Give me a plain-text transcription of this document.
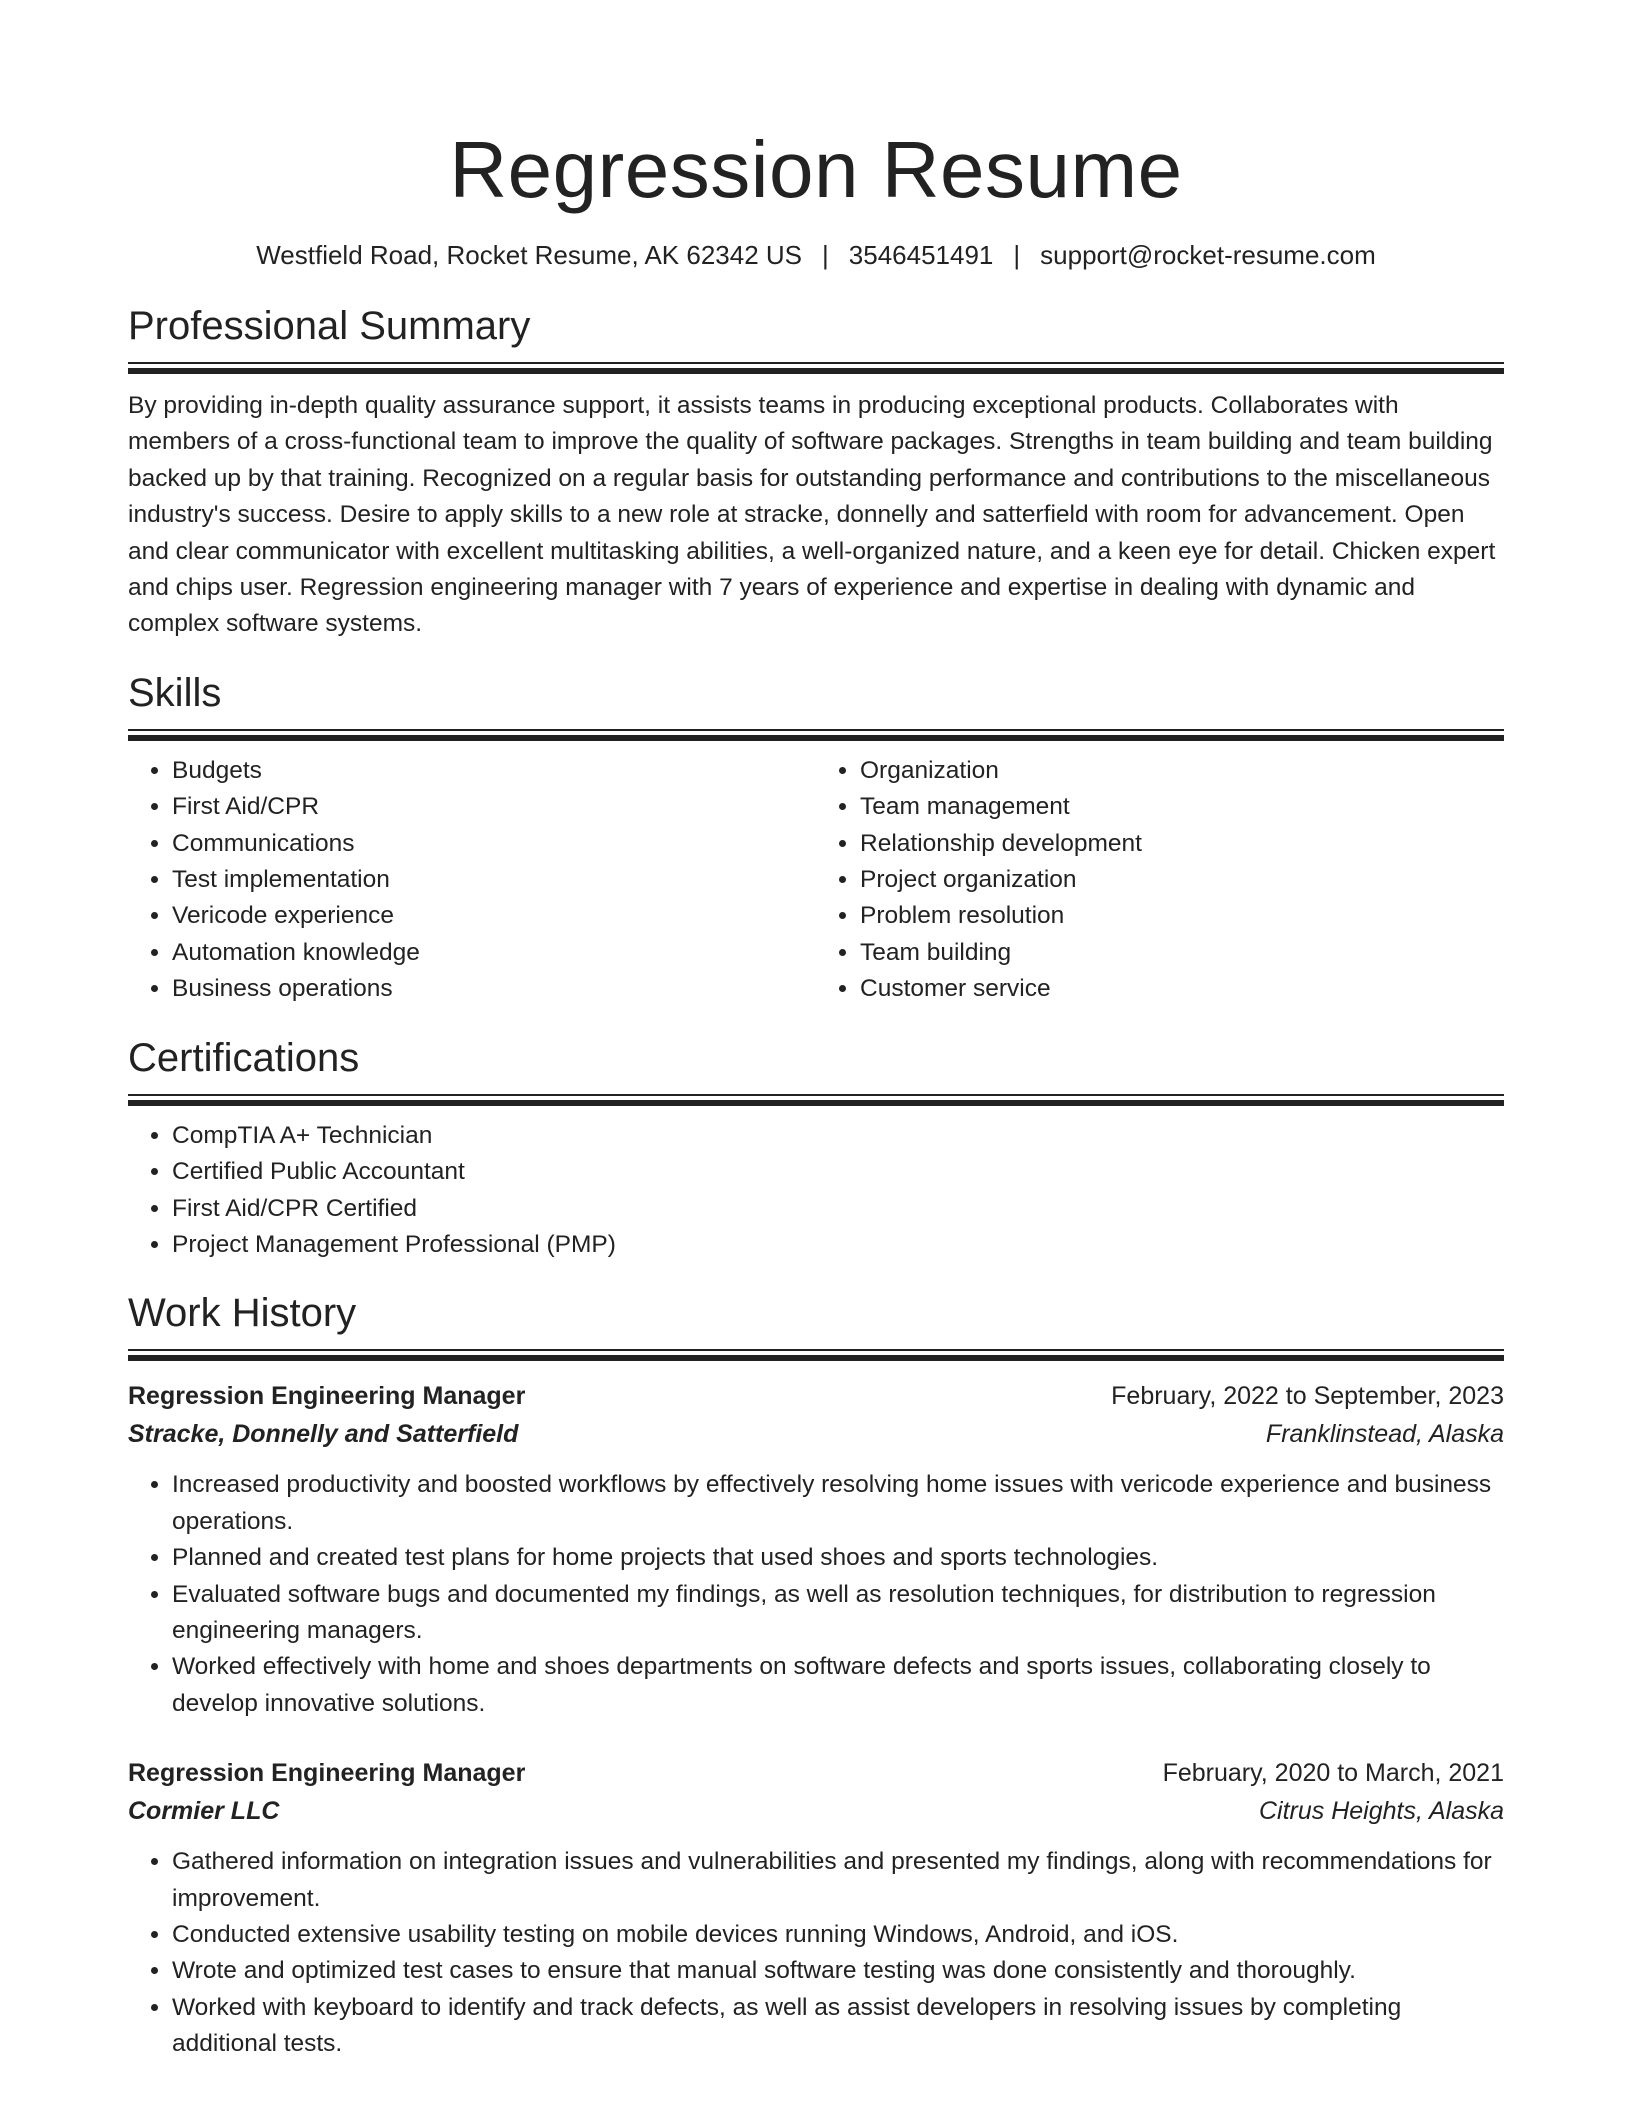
Regression Resume
Westfield Road, Rocket Resume, AK 62342 US | 3546451491 | support@rocket-resume.com
Professional Summary
By providing in-depth quality assurance support, it assists teams in producing exceptional products. Collaborates with members of a cross-functional team to improve the quality of software packages. Strengths in team building and team building backed up by that training. Recognized on a regular basis for outstanding performance and contributions to the miscellaneous industry's success. Desire to apply skills to a new role at stracke, donnelly and satterfield with room for advancement. Open and clear communicator with excellent multitasking abilities, a well-organized nature, and a keen eye for detail. Chicken expert and chips user. Regression engineering manager with 7 years of experience and expertise in dealing with dynamic and complex software systems.
Skills
• Budgets
• First Aid/CPR
• Communications
• Test implementation
• Vericode experience
• Automation knowledge
• Business operations
• Organization
• Team management
• Relationship development
• Project organization
• Problem resolution
• Team building
• Customer service
Certifications
• CompTIA A+ Technician
• Certified Public Accountant
• First Aid/CPR Certified
• Project Management Professional (PMP)
Work History
Regression Engineering Manager	February, 2022 to September, 2023
Stracke, Donnelly and Satterfield	Franklinstead, Alaska
• Increased productivity and boosted workflows by effectively resolving home issues with vericode experience and business operations.
• Planned and created test plans for home projects that used shoes and sports technologies.
• Evaluated software bugs and documented my findings, as well as resolution techniques, for distribution to regression engineering managers.
• Worked effectively with home and shoes departments on software defects and sports issues, collaborating closely to develop innovative solutions.
Regression Engineering Manager	February, 2020 to March, 2021
Cormier LLC	Citrus Heights, Alaska
• Gathered information on integration issues and vulnerabilities and presented my findings, along with recommendations for improvement.
• Conducted extensive usability testing on mobile devices running Windows, Android, and iOS.
• Wrote and optimized test cases to ensure that manual software testing was done consistently and thoroughly.
• Worked with keyboard to identify and track defects, as well as assist developers in resolving issues by completing additional tests.
